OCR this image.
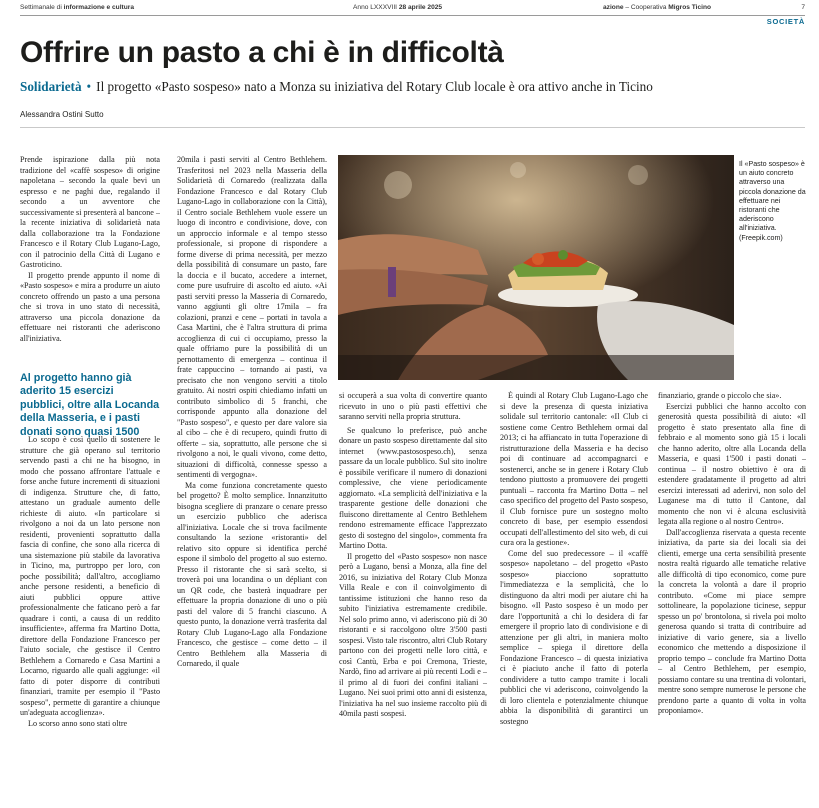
Settimanale di informazione e cultura	Anno LXXXVIII 28 aprile 2025	azione – Cooperativa Migros Ticino	7
SOCIETÀ
Offrire un pasto a chi è in difficoltà
Solidarietà • Il progetto «Pasto sospeso» nato a Monza su iniziativa del Rotary Club locale è ora attivo anche in Ticino
Alessandra Ostini Sutto

Prende ispirazione dalla più nota tradizione del «caffè sospeso» di origine napoletana – secondo la quale bevi un espresso e ne paghi due, regalando il secondo a un avventore che successivamente si presenterà al bancone – la recente iniziativa di solidarietà nata dalla collaborazione tra la Fondazione Francesco e il Rotary Club Lugano-Lago, con il patrocinio della Città di Lugano e Gastroticino.

Il progetto prende appunto il nome di «Pasto sospeso» e mira a produrre un aiuto concreto offrendo un pasto a una persona che si trova in uno stato di necessità, attraverso una piccola donazione da effettuare nei ristoranti che aderiscono all'iniziativa.

Al progetto hanno già aderito 15 esercizi pubblici, oltre alla Locanda della Masseria, e i pasti donati sono quasi 1500

Lo scopo è così quello di sostenere le strutture che già operano sul territorio servendo pasti a chi ne ha bisogno, in modo che possano affrontare l'attuale e forse anche future incrementi di situazioni di indigenza. Strutture che, di fatto, attestano un graduale aumento delle richieste di aiuto. «In particolare si rivolgono a noi da un lato persone non residenti, provenienti soprattutto dalla fascia di confine, che sono alla ricerca di una sistemazione più stabile da lavorativa in Ticino, ma, purtroppo per loro, con poche possibilità; dall'altro, accogliamo anche persone residenti, a beneficio di aiuti pubblici oppure attive professionalmente che faticano però a far quadrare i conti, a causa di un reddito insufficiente», afferma fra Martino Dotta, direttore della Fondazione Francesco per l'aiuto sociale, che gestisce il Centro Bethlehem a Cornaredo e Casa Martini a Locarno, riguardo alle quali aggiunge: «il fatto di poter disporre di contributi finanziari, tramite per esempio il "Pasto sospeso", permette di garantire a chiunque un'adeguata accoglienza».

Lo scorso anno sono stati oltre

20mila i pasti serviti al Centro Bethlehem. Trasferitosi nel 2023 nella Masseria della Solidarietà di Cornaredo (realizzata dalla Fondazione Francesco e dal Rotary Club Lugano-Lago in collaborazione con la Città), il Centro sociale Bethlehem vuole essere un luogo di incontro e condivisione, dove, con un approccio informale e al tempo stesso professionale, si propone di rispondere a forme diverse di prima necessità, per mezzo della possibilità di consumare un pasto, fare la doccia e il bucato, accedere a internet, come pure usufruire di ascolto ed aiuto. «Ai pasti serviti presso la Masseria di Cornaredo, vanno aggiunti gli oltre 17mila – fra colazioni, pranzi e cene – portati in tavola a Casa Martini, che è l'altra struttura di prima accoglienza di cui ci occupiamo, presso la quale offriamo pure la possibilità di un pernottamento di emergenza – continua il frate cappuccino – tornando ai pasti, va precisato che non vengono serviti a titolo gratuito. Ai nostri ospiti chiediamo infatti un contributo simbolico di 5 franchi, che corrisponde appunto alla donazione del "Pasto sospeso", e questo per dare valore sia al cibo – che è di recupero, quindi frutto di offerte – sia, soprattutto, alle persone che si rivolgono a noi, le quali vivono, come detto, situazioni di difficoltà, connesse spesso a sentimenti di vergogna».

Ma come funziona concretamente questo bel progetto? È molto semplice. Innanzitutto bisogna scegliere di pranzare o cenare presso un esercizio pubblico che aderisca all'iniziativa. Locale che si trova facilmente consultando la sezione «ristoranti» del relativo sito oppure si identifica perché espone il simbolo del progetto al suo esterno. Presso il ristorante che si sarà scelto, si troverà poi una locandina o un dépliant con un QR code, che basterà inquadrare per effettuare la propria donazione di uno o più pasti del valore di 5 franchi ciascuno. A questo punto, la donazione verrà trasferita dal Rotary Club Lugano-Lago alla Fondazione Francesco, che gestisce – come detto – il Centro Bethlehem alla Masseria di Cornaredo, il quale

Il «Pasto sospeso» è un aiuto concreto attraverso una piccola donazione da effettuare nei ristoranti che aderiscono all'iniziativa. (Freepik.com)

si occuperà a sua volta di convertire quanto ricevuto in uno o più pasti effettivi che saranno serviti nella propria struttura.

Se qualcuno lo preferisce, può anche donare un pasto sospeso direttamente dal sito internet (www.pastosospeso.ch), senza passare da un locale pubblico. Sul sito inoltre è possibile verificare il numero di donazioni complessive, che viene periodicamente aggiornato. «La semplicità dell'iniziativa e la trasparente gestione delle donazioni che fluiscono direttamente al Centro Bethlehem rendono estremamente efficace l'apprezzato gesto di sostegno del singolo», commenta fra Martino Dotta.

Il progetto del «Pasto sospeso» non nasce però a Lugano, bensì a Monza, alla fine del 2016, su iniziativa del Rotary Club Monza Villa Reale e con il coinvolgimento di tantissime istituzioni che hanno reso da subito l'iniziativa estremamente credibile. Nel solo primo anno, vi aderiscono più di 30 ristoranti e si raccolgono oltre 3'500 pasti sospesi. Visto tale riscontro, altri Club Rotary partono con dei progetti nelle loro città, e così Cantù, Erba e poi Cremona, Trieste, Nardò, fino ad arrivare ai più recenti Lodi e – il primo al di fuori dei confini italiani – Lugano. Nei suoi primi otto anni di esistenza, l'iniziativa ha nel suo insieme raccolto più di 40mila pasti sospesi.

È quindi al Rotary Club Lugano-Lago che si deve la presenza di questa iniziativa solidale sul territorio cantonale: «Il Club ci sostiene come Centro Bethlehem ormai dal 2013; ci ha affiancato in tutta l'operazione di ristrutturazione della Masseria e ha deciso poi di continuare ad accompagnarci e sostenerci, anche se in genere i Rotary Club tendono piuttosto a promuovere dei progetti puntuali – racconta fra Martino Dotta – nel caso specifico del progetto del Pasto sospeso, il Club fornisce pure un sostegno molto concreto di base, per esempio essendosi occupati dell'allestimento del sito web, di cui cura ora la gestione».

Come del suo predecessore – il «caffè sospeso» napoletano – del progetto «Pasto sospeso» piacciono soprattutto l'immediatezza e la semplicità, che lo distinguono da altri modi per aiutare chi ha bisogno. «Il Pasto sospeso è un modo per dare l'opportunità a chi lo desidera di far emergere il proprio lato di condivisione e di attenzione per gli altri, in maniera molto semplice – spiega il direttore della Fondazione Francesco – di questa iniziativa ci è piaciuto anche il fatto di poterla condividere a tutto campo tramite i locali pubblici che vi aderiscono, coinvolgendo la di loro clientela e potenzialmente chiunque abbia la disponibilità di garantirci un sostegno

finanziario, grande o piccolo che sia».

Esercizi pubblici che hanno accolto con generosità questa possibilità di aiuto: «Il progetto è stato presentato alla fine di febbraio e al momento sono già 15 i locali che hanno aderito, oltre alla Locanda della Masseria, e quasi 1'500 i pasti donati – continua – il nostro obiettivo è ora di estendere gradatamente il progetto ad altri esercizi interessati ad aderirvi, non solo del Luganese ma di tutto il Cantone, dal momento che non vi è alcuna esclusività legata alla regione o al nostro Centro».

Dall'accoglienza riservata a questa recente iniziativa, da parte sia dei locali sia dei clienti, emerge una certa sensibilità presente nostra realtà riguardo alle tematiche relative alle difficoltà di tipo economico, come pure la concreta la volontà a dare il proprio contributo. «Come mi piace sempre sottolineare, la popolazione ticinese, seppur spesso un po' brontolona, si rivela poi molto generosa quando si tratta di contribuire ad iniziative di vario genere, sia a livello economico che mettendo a disposizione il proprio tempo – conclude fra Martino Dotta – al Centro Bethlehem, per esempio, possiamo contare su una trentina di volontari, mentre sono sempre numerose le persone che prendono parte a quanto di volta in volta proponiamo».
